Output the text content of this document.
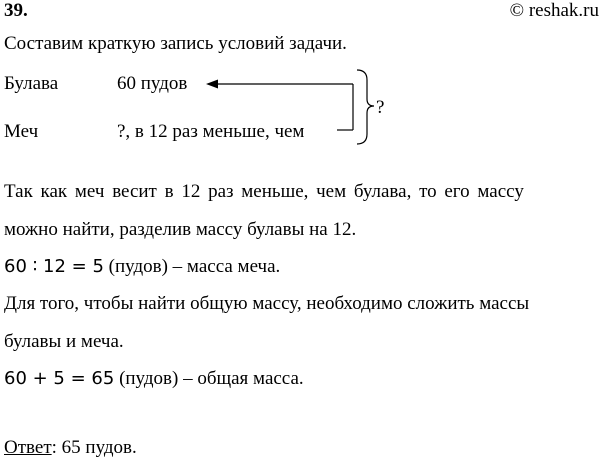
39.	© reshak.ru
Составим краткую запись условий задачи.
Булава	60 пудов
Меч	?, в 12 раз меньше, чем
?
Так как меч весит в 12 раз меньше, чем булава, то его массу
можно найти, разделив массу булавы на 12.
60 ∶ 12 = 5 (пудов) – масса меча.
Для того, чтобы найти общую массу, необходимо сложить массы
булавы и меча.
60 + 5 = 65 (пудов) – общая масса.
Ответ: 65 пудов.
